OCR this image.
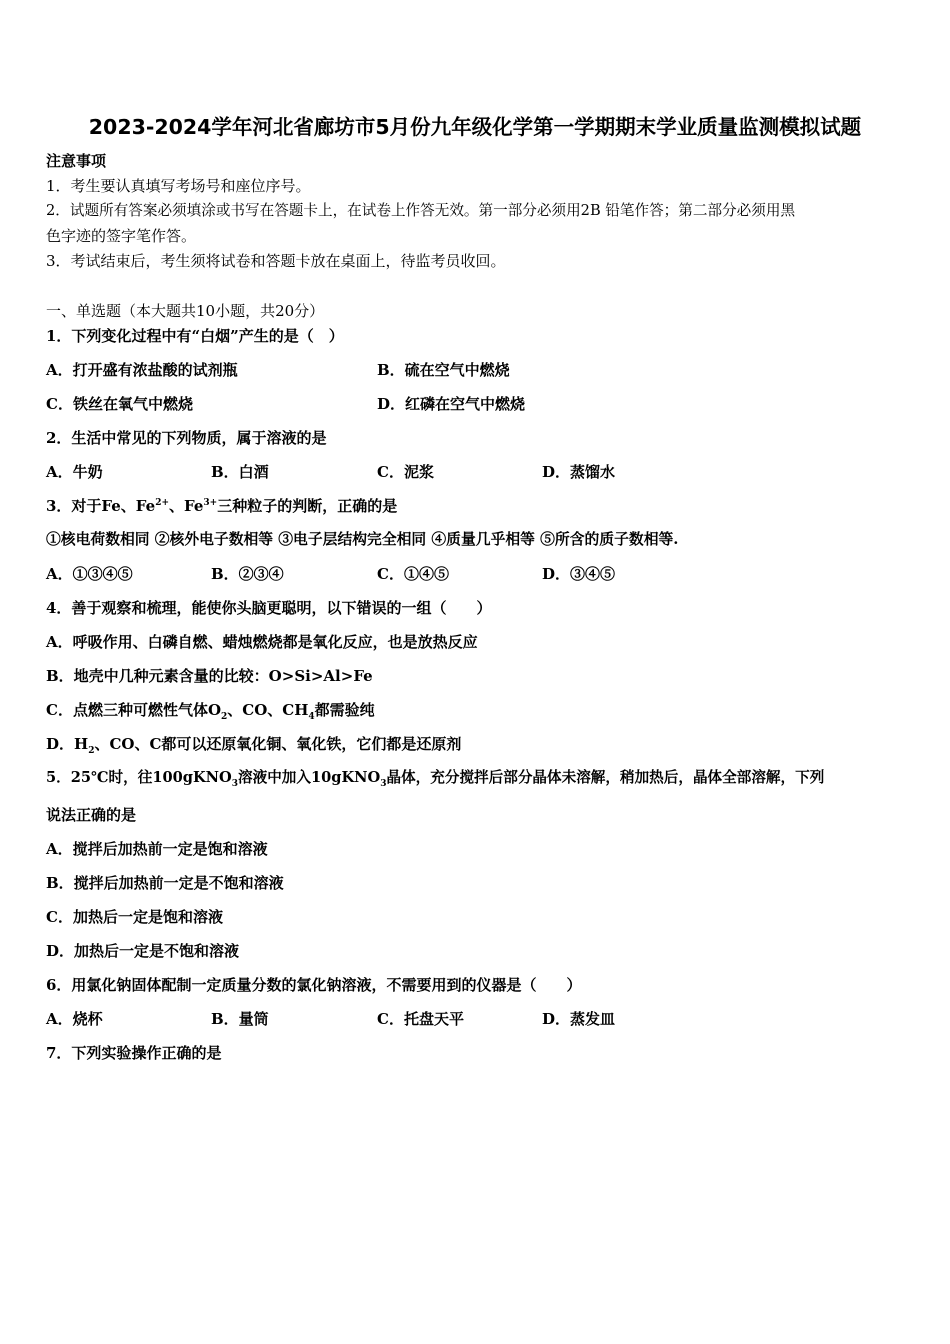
2023-2024学年河北省廊坊市5月份九年级化学第一学期期末学业质量监测模拟试题
注意事项
1．考生要认真填写考场号和座位序号。
2．试题所有答案必须填涂或书写在答题卡上，在试卷上作答无效。第一部分必须用2B 铅笔作答；第二部分必须用黑
色字迹的签字笔作答。
3．考试结束后，考生须将试卷和答题卡放在桌面上，待监考员收回。
一、单选题（本大题共10小题，共20分）
1．下列变化过程中有“白烟”产生的是（　）
A．打开盛有浓盐酸的试剂瓶	B．硫在空气中燃烧
C．铁丝在氧气中燃烧	D．红磷在空气中燃烧
2．生活中常见的下列物质，属于溶液的是
A．牛奶	B．白酒	C．泥浆	D．蒸馏水
3．对于Fe、$Fe^{2+}$、$Fe^{3+}$三种粒子的判断，正确的是
①核电荷数相同 ②核外电子数相等 ③电子层结构完全相同 ④质量几乎相等 ⑤所含的质子数相等.
A．①③④⑤	B．②③④	C．①④⑤	D．③④⑤
4．善于观察和梳理，能使你头脑更聪明，以下错误的一组（　　）
A．呼吸作用、白磷自燃、蜡烛燃烧都是氧化反应，也是放热反应
B．地壳中几种元素含量的比较：O>Si>Al>Fe
C．点燃三种可燃性气体$O_2$、CO、$CH_4$都需验纯
D．$H_2$、CO、C都可以还原氧化铜、氧化铁，它们都是还原剂
5．25℃时，往100gKNO$_3$溶液中加入10gKNO$_3$晶体，充分搅拌后部分晶体未溶解，稍加热后，晶体全部溶解，下列
说法正确的是
A．搅拌后加热前一定是饱和溶液
B．搅拌后加热前一定是不饱和溶液
C．加热后一定是饱和溶液
D．加热后一定是不饱和溶液
6．用氯化钠固体配制一定质量分数的氯化钠溶液，不需要用到的仪器是（　　）
A．烧杯	B．量筒	C．托盘天平	D．蒸发皿
7．下列实验操作正确的是
